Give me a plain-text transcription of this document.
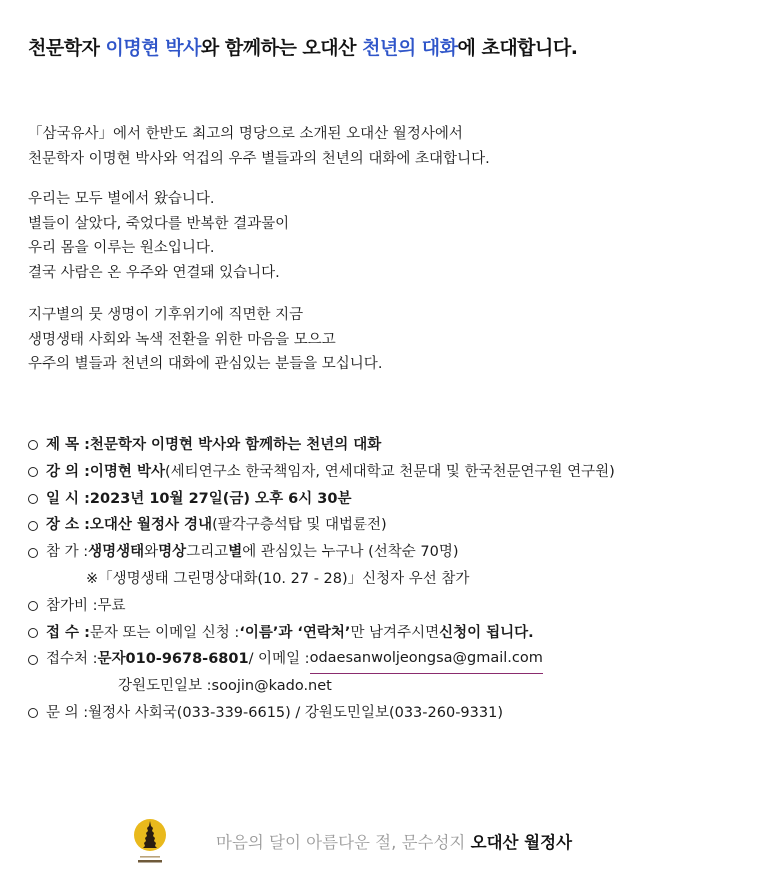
천문학자 이명현 박사와 함께하는 오대산 천년의 대화에 초대합니다.
「삼국유사」에서 한반도 최고의 명당으로 소개된 오대산 월정사에서
천문학자 이명현 박사와 억겁의 우주 별들과의 천년의 대화에 초대합니다.
우리는 모두 별에서 왔습니다.
별들이 살았다, 죽었다를 반복한 결과물이
우리 몸을 이루는 원소입니다.
결국 사람은 온 우주와 연결돼 있습니다.
지구별의 뭇 생명이 기후위기에 직면한 지금
생명생태 사회와 녹색 전환을 위한 마음을 모으고
우주의 별들과 천년의 대화에 관심있는 분들을 모십니다.
제 목 : 천문학자 이명현 박사와 함께하는 천년의 대화
강 의 : 이명현 박사 (세티연구소 한국책임자, 연세대학교 천문대 및 한국천문연구원 연구원)
일 시 : 2023년 10월 27일(금) 오후 6시 30분
장 소 : 오대산 월정사 경내 (팔각구층석탑 및 대법륜전)
참 가 : 생명생태 와 명상 그리고 별 에 관심있는 누구나 (선착순 70명)
※「생명생태 그린명상대화(10. 27 - 28)」신청자 우선 참가
참가비 : 무료
접 수 : 문자 또는 이메일 신청 : ‘이름’과 ‘연락처’ 만 남겨주시면 신청이 됩니다.
접수처 : 문자 010-9678-6801 / 이메일 : odaesanwoljeongsa@gmail.com
강원도민일보 : soojin@kado.net
문 의 : 월정사 사회국(033-339-6615) / 강원도민일보(033-260-9331)
마음의 달이 아름다운 절, 문수성지 오대산 월정사
